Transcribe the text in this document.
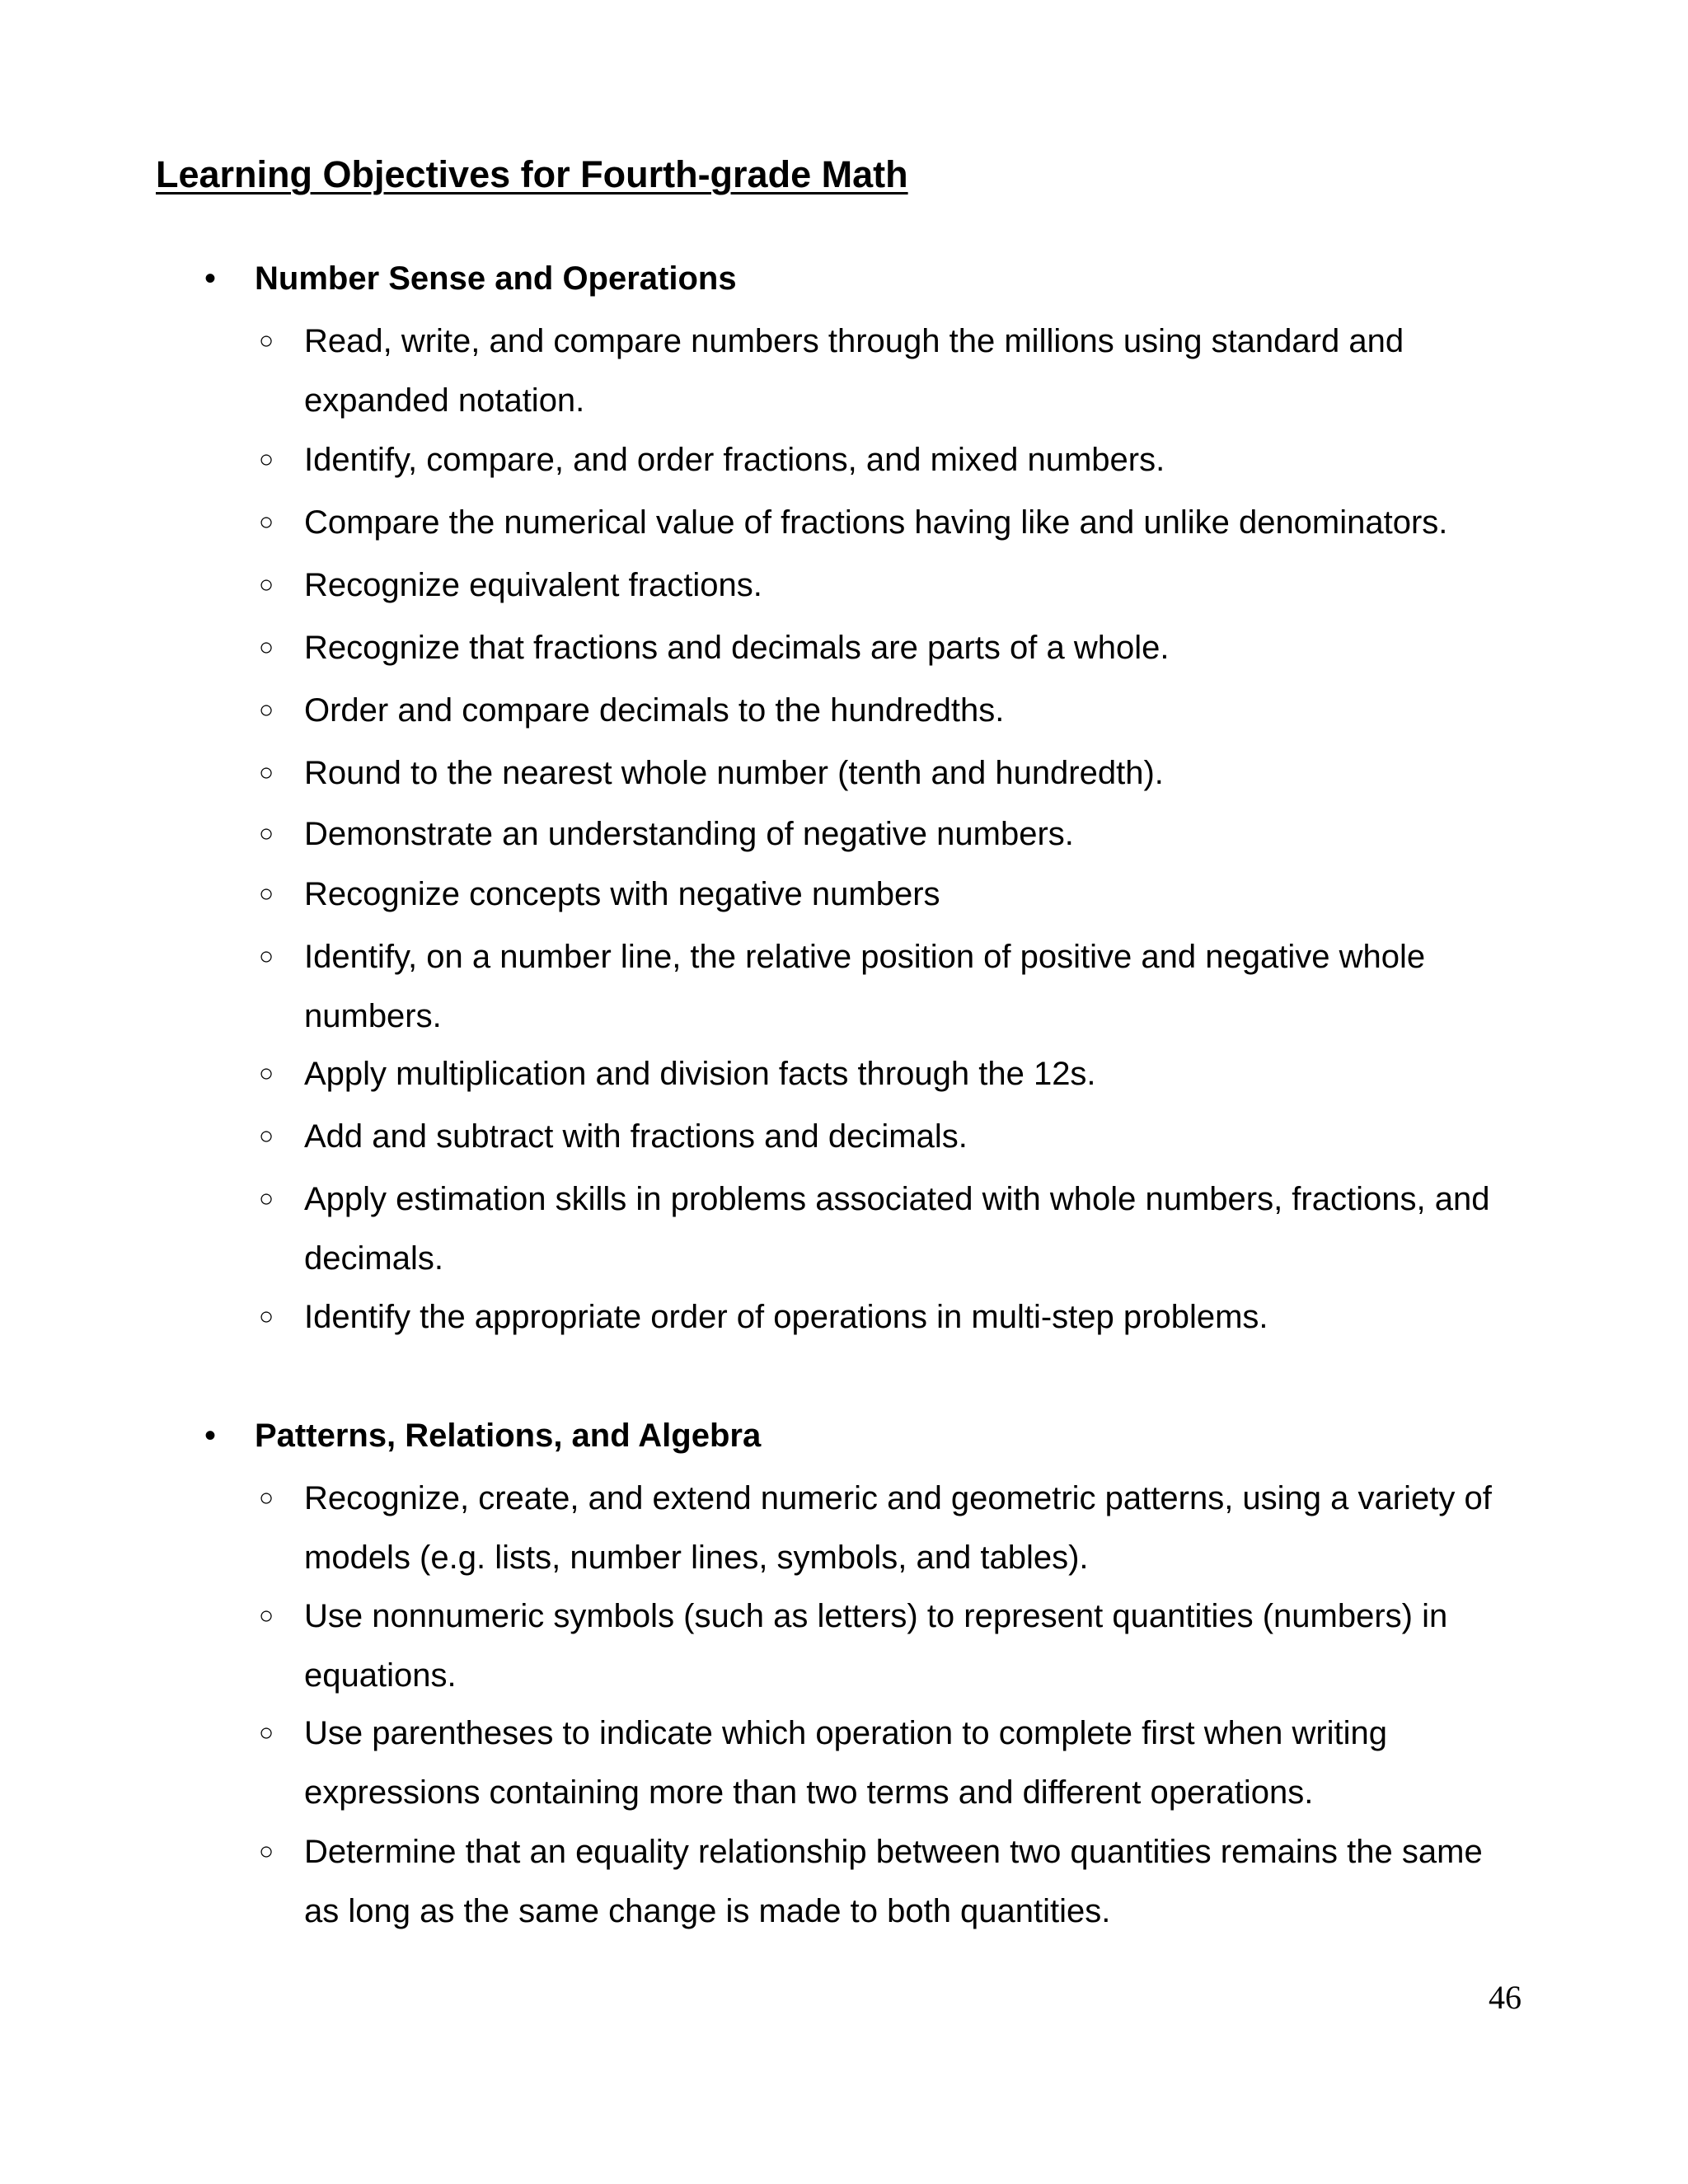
Learning Objectives for Fourth-grade Math
• Number Sense and Operations
○ Read, write, and compare numbers through the millions using standard and expanded notation.
○ Identify, compare, and order fractions, and mixed numbers.
○ Compare the numerical value of fractions having like and unlike denominators.
○ Recognize equivalent fractions.
○ Recognize that fractions and decimals are parts of a whole.
○ Order and compare decimals to the hundredths.
○ Round to the nearest whole number (tenth and hundredth).
○ Demonstrate an understanding of negative numbers.
○ Recognize concepts with negative numbers
○ Identify, on a number line, the relative position of positive and negative whole numbers.
○ Apply multiplication and division facts through the 12s.
○ Add and subtract with fractions and decimals.
○ Apply estimation skills in problems associated with whole numbers, fractions, and decimals.
○ Identify the appropriate order of operations in multi-step problems.
• Patterns, Relations, and Algebra
○ Recognize, create, and extend numeric and geometric patterns, using a variety of models (e.g. lists, number lines, symbols, and tables).
○ Use nonnumeric symbols (such as letters) to represent quantities (numbers) in equations.
○ Use parentheses to indicate which operation to complete first when writing expressions containing more than two terms and different operations.
○ Determine that an equality relationship between two quantities remains the same as long as the same change is made to both quantities.
46
